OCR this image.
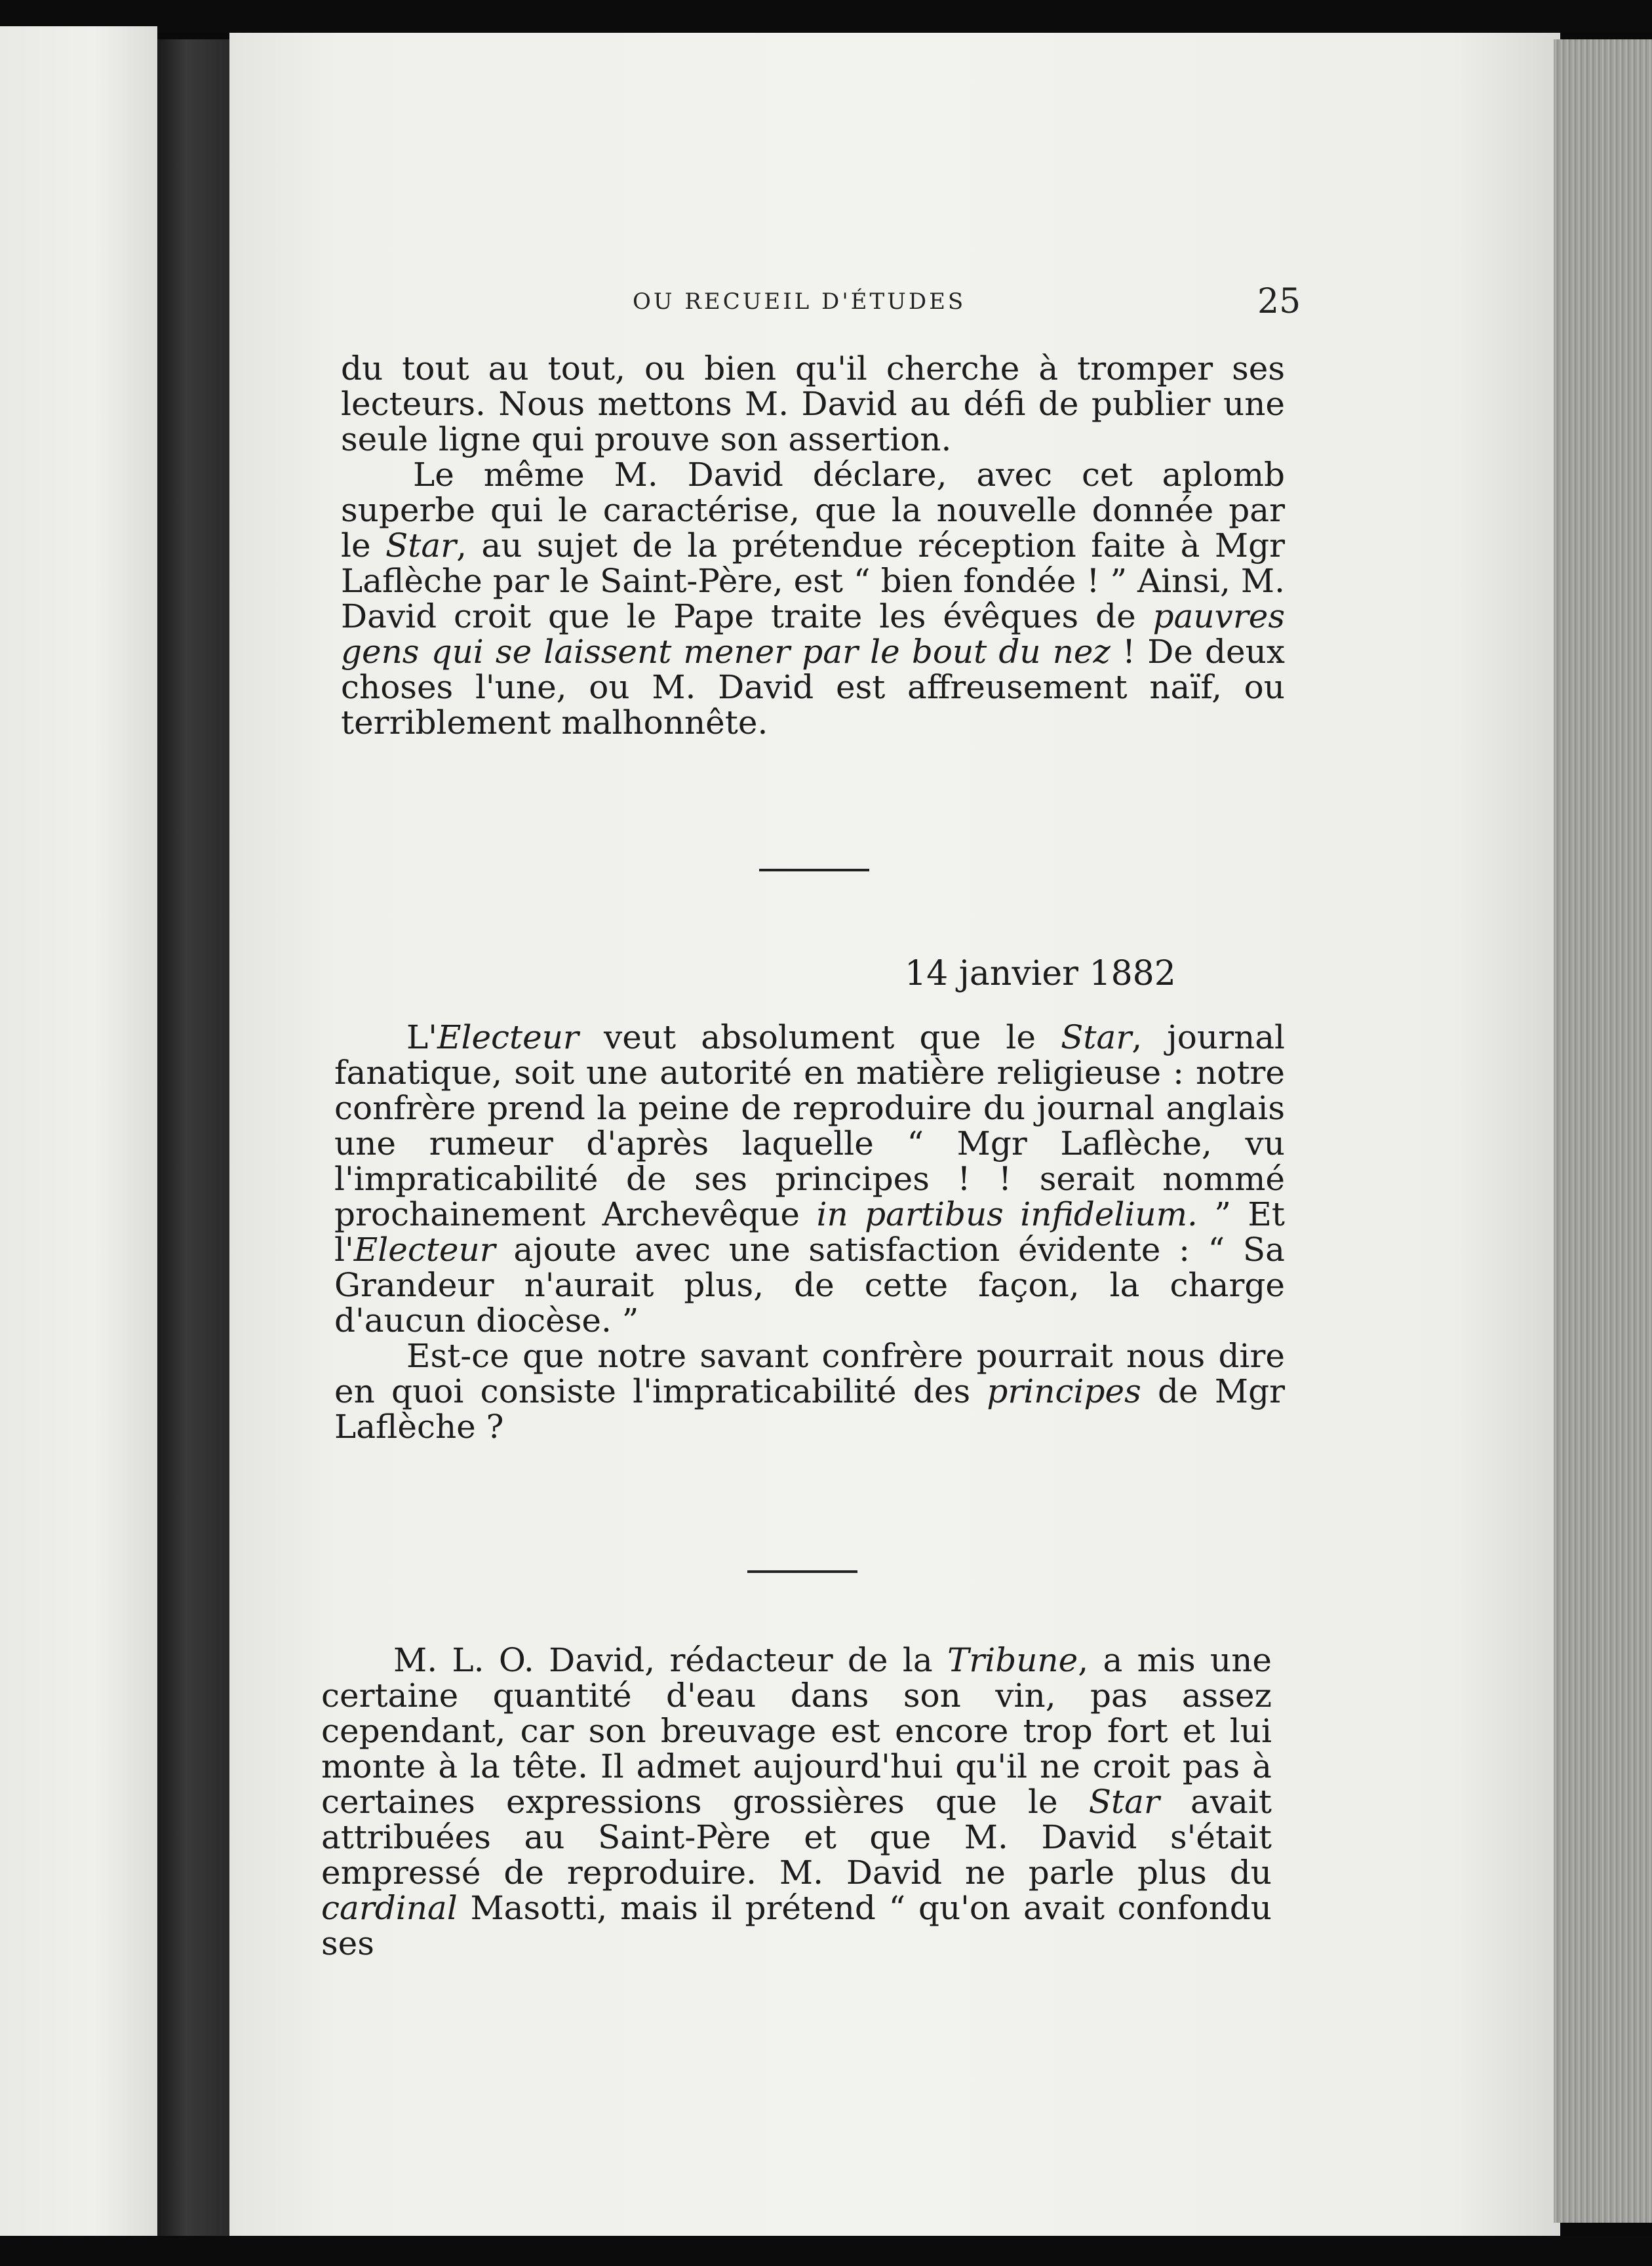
OU RECUEIL D'ÉTUDES	25

du tout au tout, ou bien qu'il cherche à tromper ses lecteurs. Nous mettons M. David au défi de publier une seule ligne qui prouve son assertion.

Le même M. David déclare, avec cet aplomb superbe qui le caractérise, que la nouvelle donnée par le Star, au sujet de la prétendue réception faite à Mgr Laflèche par le Saint-Père, est “ bien fondée ! ” Ainsi, M. David croit que le Pape traite les évêques de pauvres gens qui se laissent mener par le bout du nez ! De deux choses l'une, ou M. David est affreusement naïf, ou terriblement malhonnête.

14 janvier 1882

L'Electeur veut absolument que le Star, journal fanatique, soit une autorité en matière religieuse : notre confrère prend la peine de reproduire du journal anglais une rumeur d'après laquelle “ Mgr Laflèche, vu l'impraticabilité de ses principes ! ! serait nommé prochainement Archevêque in partibus infidelium. ” Et l'Electeur ajoute avec une satisfaction évidente : “ Sa Grandeur n'aurait plus, de cette façon, la charge d'aucun diocèse. ”

Est-ce que notre savant confrère pourrait nous dire en quoi consiste l'impraticabilité des principes de Mgr Laflèche ?

M. L. O. David, rédacteur de la Tribune, a mis une certaine quantité d'eau dans son vin, pas assez cependant, car son breuvage est encore trop fort et lui monte à la tête. Il admet aujourd'hui qu'il ne croit pas à certaines expressions grossières que le Star avait attribuées au Saint-Père et que M. David s'était empressé de reproduire. M. David ne parle plus du cardinal Masotti, mais il prétend “ qu'on avait confondu ses
